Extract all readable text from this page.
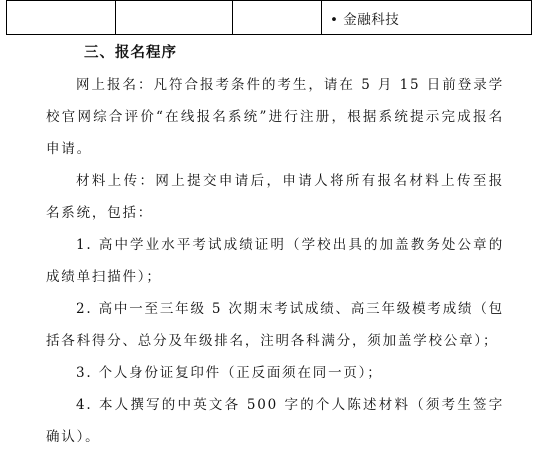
			• 金融科技
三、报名程序

网上报名：凡符合报考条件的考生，请在 5 月 15 日前登录学校官网综合评价“在线报名系统”进行注册，根据系统提示完成报名申请。

材料上传：网上提交申请后，申请人将所有报名材料上传至报名系统，包括：

1. 高中学业水平考试成绩证明（学校出具的加盖教务处公章的成绩单扫描件）；

2. 高中一至三年级 5 次期末考试成绩、高三年级模考成绩（包括各科得分、总分及年级排名，注明各科满分，须加盖学校公章）；

3. 个人身份证复印件（正反面须在同一页）；

4. 本人撰写的中英文各 500 字的个人陈述材料（须考生签字确认）。
